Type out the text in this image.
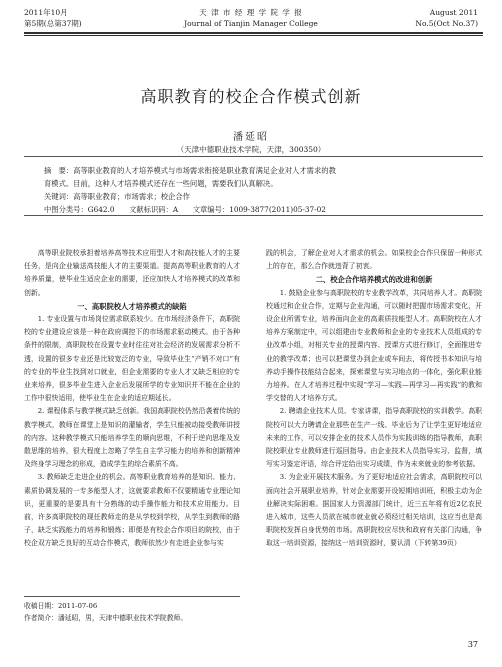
2011年10月
第5期(总第37期)
天 津 市 经 理 学 院 学 报
Journal of Tianjin Manager College
August 2011
No.5(Oct No.37)
高职教育的校企合作模式创新
潘延昭
（天津中德职业技术学院，天津，300350）
摘　要：高等职业教育的人才培养模式与市场需求衔接是职业教育满足企业对人才需求的教
育模式。目前，这种人才培养模式还存在一些问题，需要我们认真解决。
关键词：高等职业教育；市场需求；校企合作
中图分类号：G642.0　　文献标识码：A　　文章编号：1009-3877(2011)05-37-02

高等职业院校承担着培养高等技术应用型人才和高技能人才的主要任务，是向企业输送高技能人才的主要渠道。提高高等职业教育的人才培养质量，使毕业生适应企业的需要，还应加快人才培养模式的改革和创新。

一、高职院校人才培养模式的缺陷

1. 专业设置与市场岗位需求联系较少。在市场经济条件下，高职院校的专业建设应该是一种在政府调控下的市场需求驱动模式。由于各种条件的限制，高职院校在设置专业时往往对社会经济的发展需求分析不透，设置的很多专业还是比较宽泛的专业，导致毕业生“产销不对口”有的专业的毕业生找到对口就业，但企业需要的专业人才又缺乏相应的专业来培养，很多毕业生进入企业后发展所学的专业知识并不能在企业的工作中很快适用，使毕业生在企业的适应期延长。

2. 课程体系与教学模式缺乏创新。我国高职院校仍然沿袭着传统的教学模式，教师在课堂上是知识的灌输者，学生只能被动接受教师讲授的内容。这种教学模式只能培养学生的顺向思维，不利于逆向思维及发散思维的培养，很大程度上忽略了学生自主学习能力的培养和创新精神及终身学习理念的形成，造成学生的综合素质不高。

3. 教师缺乏走进企业的机会。高等职业教育培养的是知识、能力、素质协调发展的一专多能型人才，这就要求教师不仅要精通专业理论知识，更重要的是要具有十分熟练的动手操作能力和技术应用能力。目前，许多高职院校的现任教师走的是从学校到学校，从学生到教师的路子，缺乏实践能力的培养和锻炼；即便是有校企合作项目的院校，由于校企双方缺乏良好的互动合作模式，教师依然少有走进企业参与实

践的机会，了解企业对人才需求的机会。如果校企合作只保留一种形式上的存在，那么合作就违背了初衷。

二、校企合作培养模式的改进和创新

1. 鼓励企业参与高职院校的专业教学改革，共同培养人才。高职院校通过和企业合作，定期与企业沟通，可以随时把握市场需求变化，开设企业所需专业，培养面向企业的高素质技能型人才。高职院校在人才培养方案制定中，可以组建由专业教师和企业的专业技术人员组成的专业改革小组，对相关专业的授课内容、授课方式进行修订，全面推进专业的教学改革；也可以把课堂办到企业或车间去，将传授书本知识与培养动手操作技能结合起来，探索课堂与实习地点的一体化，强化职业能力培养。在人才培养过程中实现“学习—实践—再学习—再实践”的教和学交替的人才培养方式。

2. 聘请企业技术人员、专家讲课，指导高职院校的实训教学。高职院校可以大力聘请企业那些在生产一线、毕业后为了让学生更好地适应未来的工作，可以安排企业的技术人员作为实践训练的指导教师，高职院校职业专业教师进行巡回指导。由企业技术人员指导实习、监督，填写实习鉴定评语，综合评定给出实习成绩，作为未来就业的参考依据。

3. 为企业开展技术服务。为了更好地适应社会需求，高职院校可以面向社会开展职业培养，针对企业需要开设短期培训班，积极主动为企业解决实际困难。据国家人力资源部门统计，近三五年将有近2亿农民进入城市，这些人员欲在城市就业就必须经过相关培训，这应当也是高职院校发挥自身优势的市场。高职院校应尽快和政府有关部门沟通，争取这一培训资源，接纳这一培训资源时，要认清（下转第39页）

收稿日期：2011-07-06
作者简介：潘延昭，男，天津中德职业技术学院教师。
37
